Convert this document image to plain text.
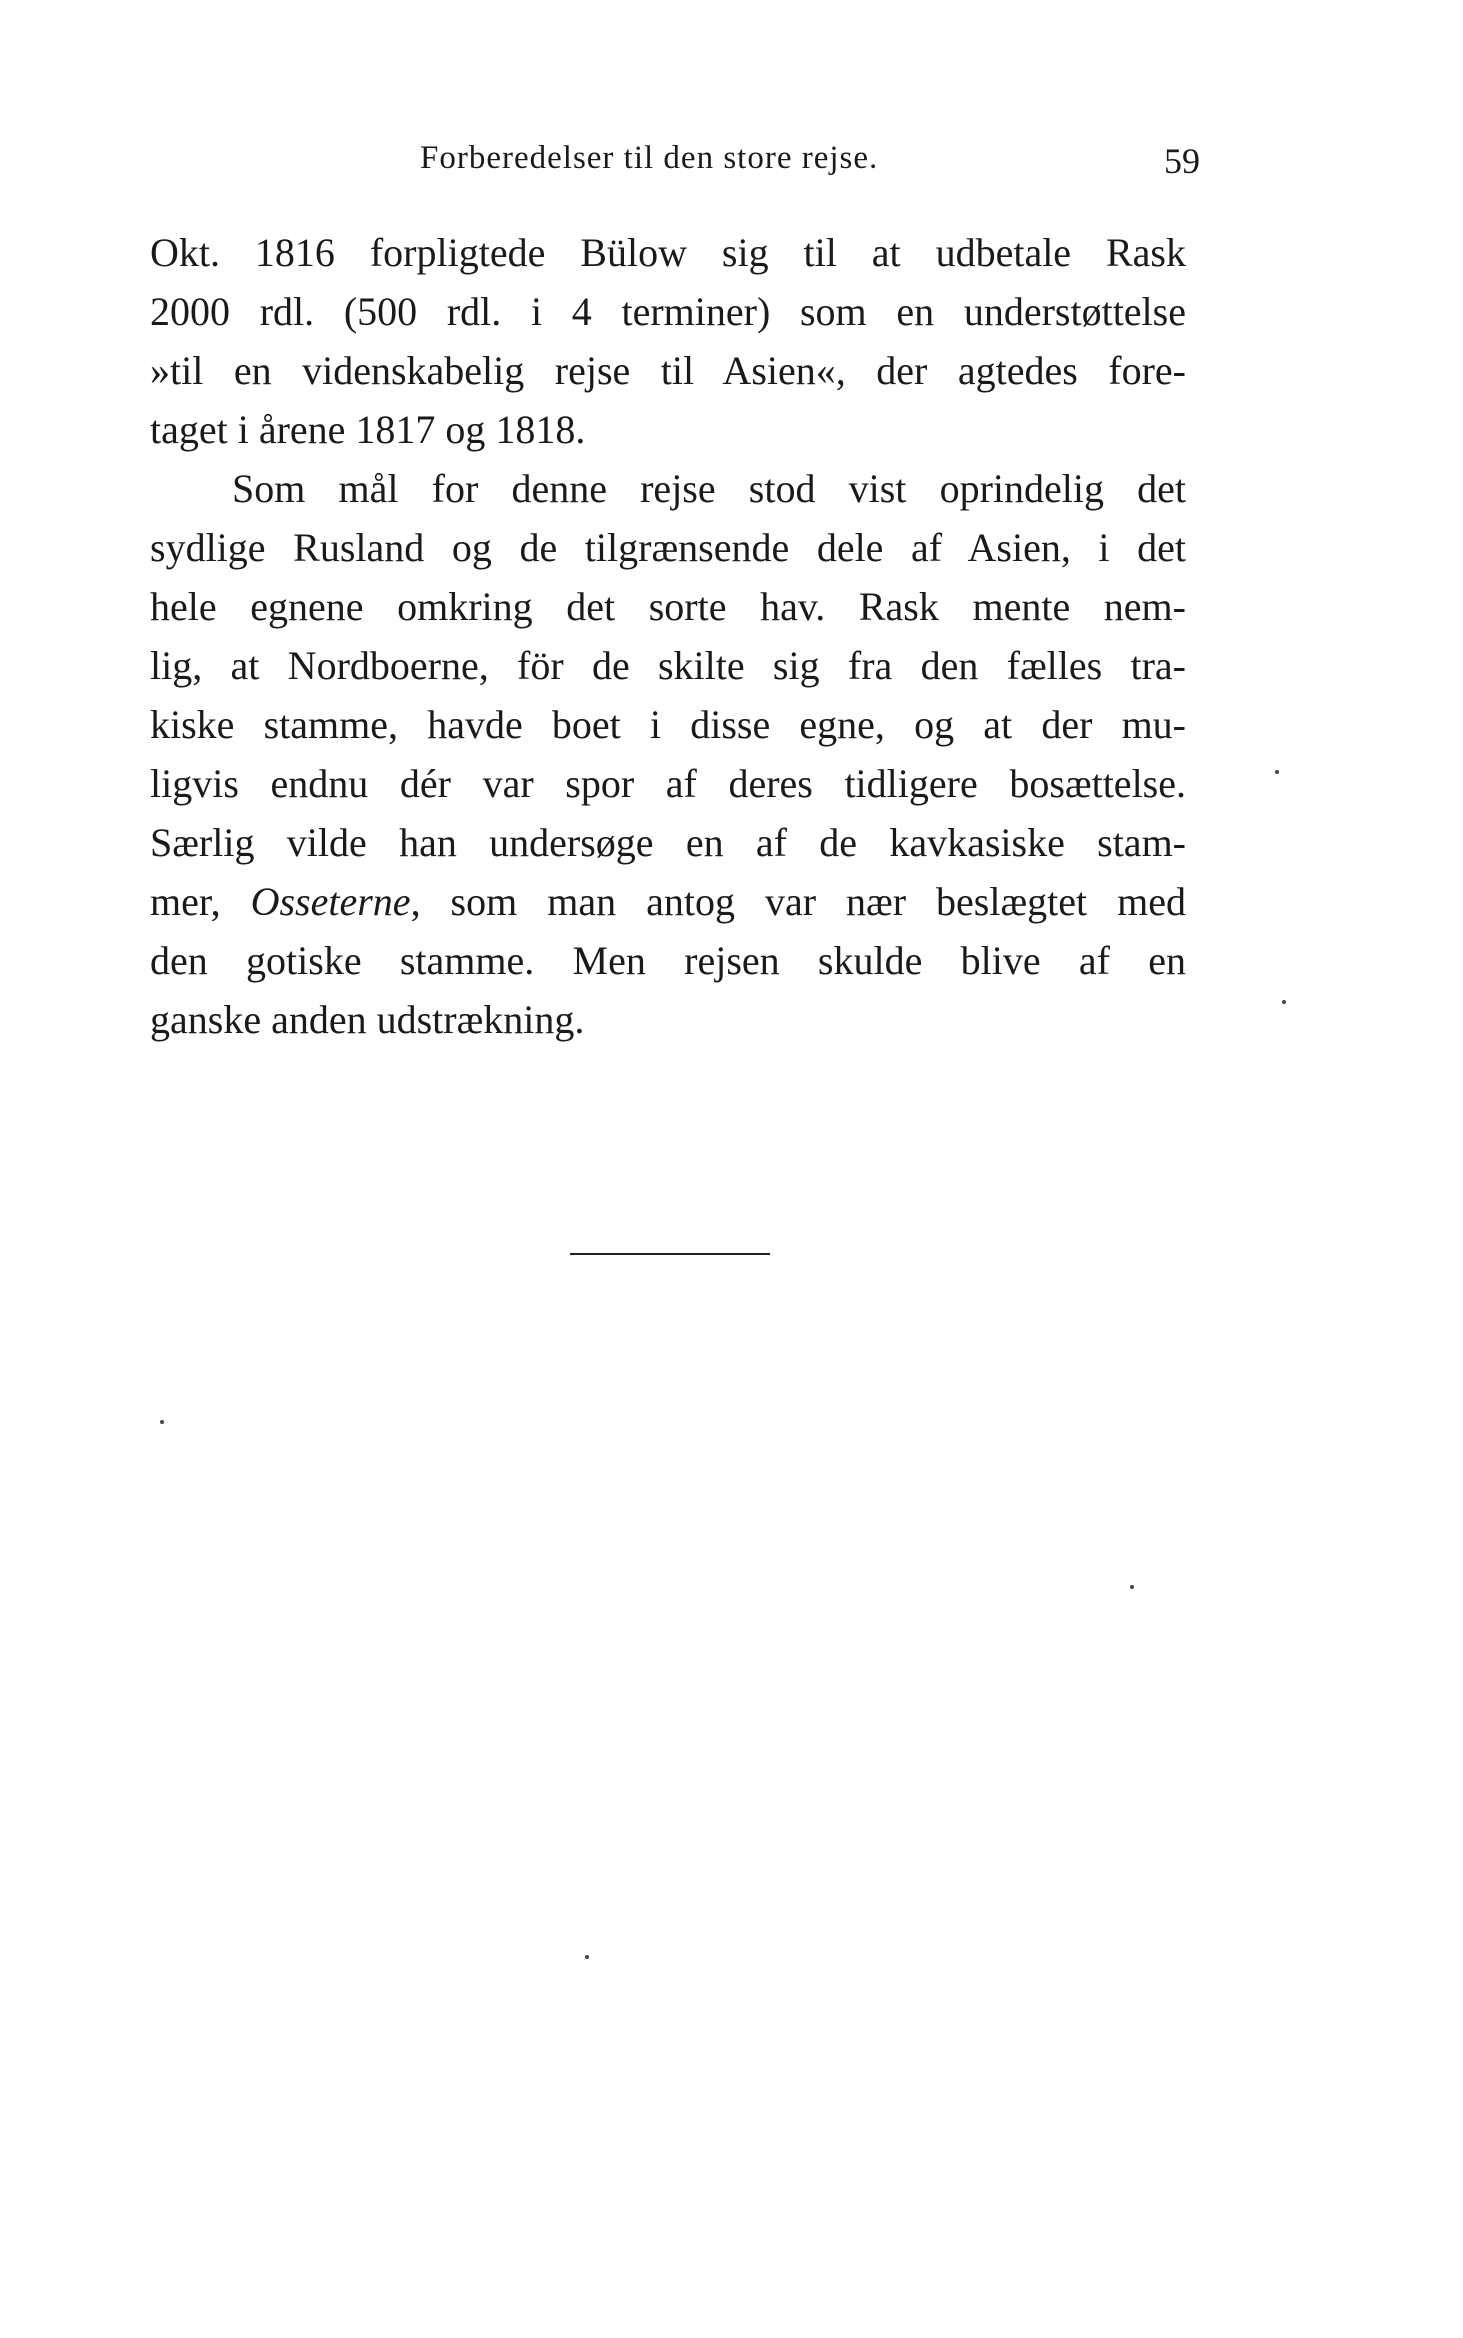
Forberedelser til den store rejse.	59
Okt. 1816 forpligtede Bülow sig til at udbetale Rask
2000 rdl. (500 rdl. i 4 terminer) som en understøttelse
»til en videnskabelig rejse til Asien«, der agtedes fore-
taget i årene 1817 og 1818.
Som mål for denne rejse stod vist oprindelig det
sydlige Rusland og de tilgrænsende dele af Asien, i det
hele egnene omkring det sorte hav. Rask mente nem-
lig, at Nordboerne, för de skilte sig fra den fælles tra-
kiske stamme, havde boet i disse egne, og at der mu-
ligvis endnu dér var spor af deres tidligere bosættelse.
Særlig vilde han undersøge en af de kavkasiske stam-
mer, Osseterne, som man antog var nær beslægtet med
den gotiske stamme. Men rejsen skulde blive af en
ganske anden udstrækning.
